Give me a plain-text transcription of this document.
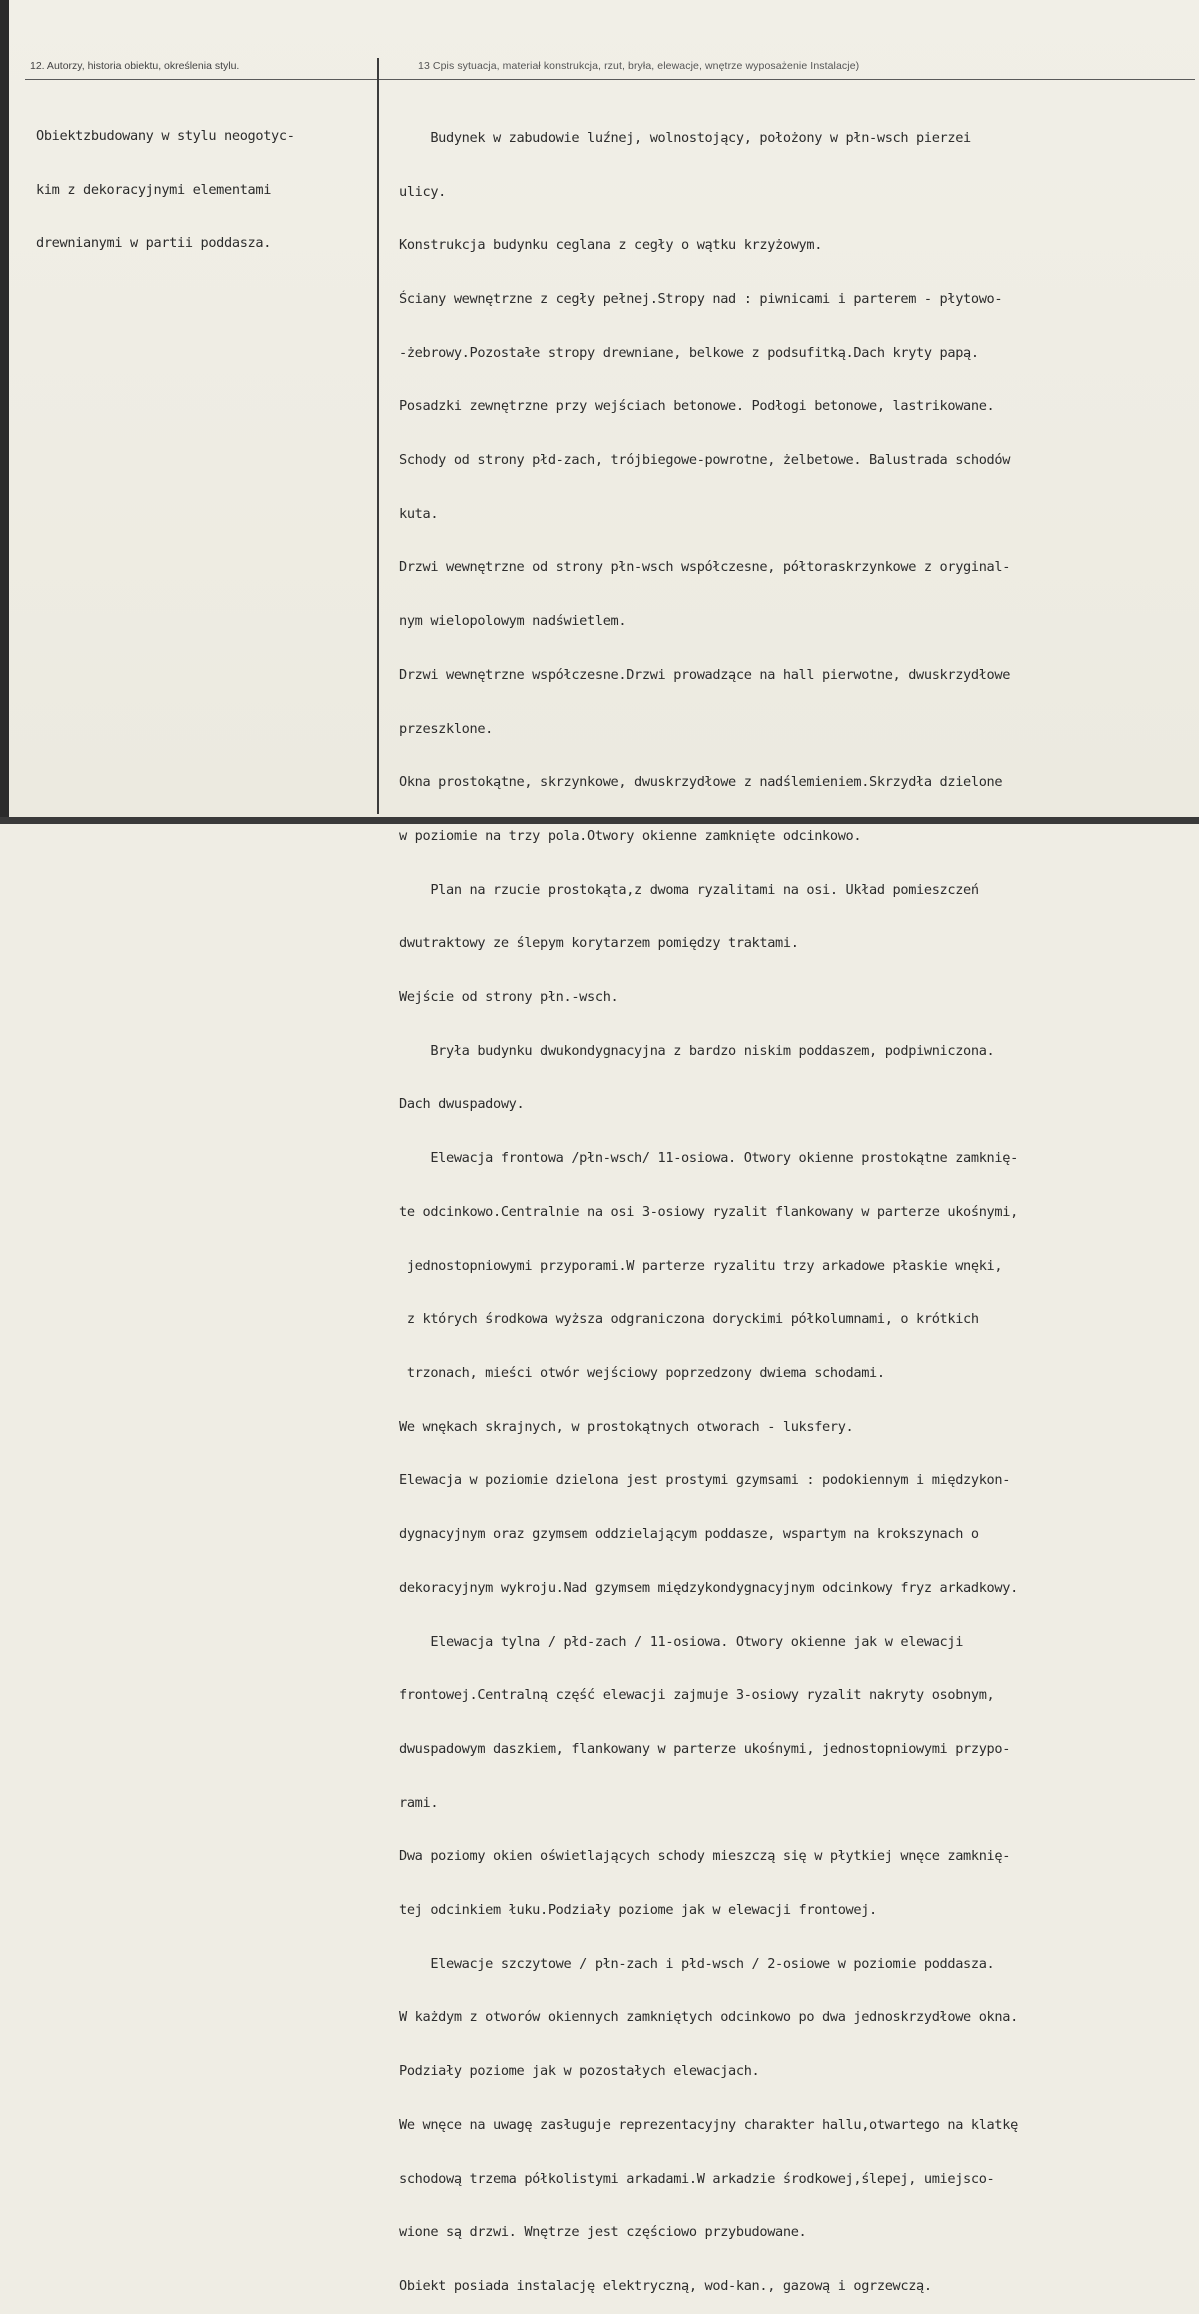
12. Autorzy, historia obiektu, określenia stylu.	13 Cpis sytuacja, materiał konstrukcja, rzut, bryła, elewacje, wnętrze wyposażenie Instalacje)

Obiektzbudowany w stylu neogotyc-

kim z dekoracyjnymi elementami

drewnianymi w partii poddasza.

Budynek w zabudowie luźnej, wolnostojący, położony w płn-wsch pierzei

ulicy.

Konstrukcja budynku ceglana z cegły o wątku krzyżowym.

Ściany wewnętrzne z cegły pełnej.Stropy nad : piwnicami i parterem - płytowo-

-żebrowy.Pozostałe stropy drewniane, belkowe z podsufitką.Dach kryty papą.

Posadzki zewnętrzne przy wejściach betonowe. Podłogi betonowe, lastrikowane.

Schody od strony płd-zach, trójbiegowe-powrotne, żelbetowe. Balustrada schodów

kuta.

Drzwi wewnętrzne od strony płn-wsch współczesne, półtoraskrzynkowe z oryginal-

nym wielopolowym nadświetlem.

Drzwi wewnętrzne współczesne.Drzwi prowadzące na hall pierwotne, dwuskrzydłowe

przeszklone.

Okna prostokątne, skrzynkowe, dwuskrzydłowe z nadślemieniem.Skrzydła dzielone

w poziomie na trzy pola.Otwory okienne zamknięte odcinkowo.

Plan na rzucie prostokąta,z dwoma ryzalitami na osi. Układ pomieszczeń

dwutraktowy ze ślepym korytarzem pomiędzy traktami.

Wejście od strony płn.-wsch.

Bryła budynku dwukondygnacyjna z bardzo niskim poddaszem, podpiwniczona.

Dach dwuspadowy.

Elewacja frontowa /płn-wsch/ 11-osiowa. Otwory okienne prostokątne zamknię-

te odcinkowo.Centralnie na osi 3-osiowy ryzalit flankowany w parterze ukośnymi,

jednostopniowymi przyporami.W parterze ryzalitu trzy arkadowe płaskie wnęki,

z których środkowa wyższa odgraniczona doryckimi półkolumnami, o krótkich

trzonach, mieści otwór wejściowy poprzedzony dwiema schodami.

We wnękach skrajnych, w prostokątnych otworach - luksfery.

Elewacja w poziomie dzielona jest prostymi gzymsami : podokiennym i międzykon-

dygnacyjnym oraz gzymsem oddzielającym poddasze, wspartym na krokszynach o

dekoracyjnym wykroju.Nad gzymsem międzykondygnacyjnym odcinkowy fryz arkadkowy.

Elewacja tylna / płd-zach / 11-osiowa. Otwory okienne jak w elewacji

frontowej.Centralną część elewacji zajmuje 3-osiowy ryzalit nakryty osobnym,

dwuspadowym daszkiem, flankowany w parterze ukośnymi, jednostopniowymi przypo-

rami.

Dwa poziomy okien oświetlających schody mieszczą się w płytkiej wnęce zamknię-

tej odcinkiem łuku.Podziały poziome jak w elewacji frontowej.

Elewacje szczytowe / płn-zach i płd-wsch / 2-osiowe w poziomie poddasza.

W każdym z otworów okiennych zamkniętych odcinkowo po dwa jednoskrzydłowe okna.

Podziały poziome jak w pozostałych elewacjach.

We wnęce na uwagę zasługuje reprezentacyjny charakter hallu,otwartego na klatkę

schodową trzema półkolistymi arkadami.W arkadzie środkowej,ślepej, umiejsco-

wione są drzwi. Wnętrze jest częściowo przybudowane.

Obiekt posiada instalację elektryczną, wod-kan., gazową i ogrzewczą.
